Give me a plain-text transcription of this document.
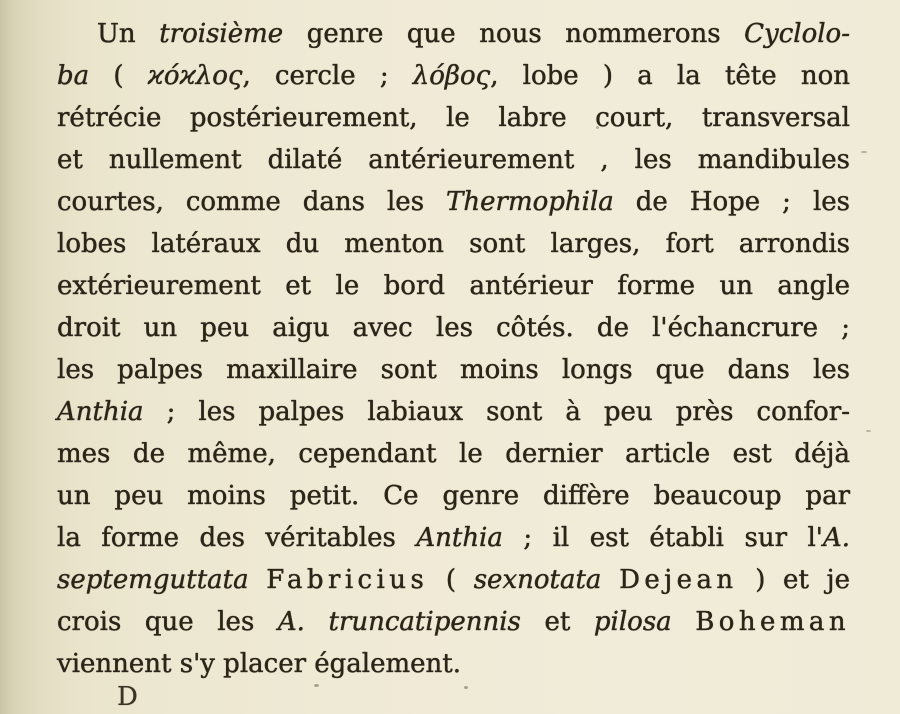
Un troisième genre que nous nommerons Cyclolo-
ba ( ϰόϰλος, cercle ; λόβος, lobe ) a la tête non
rétrécie postérieurement, le labre court, transversal
et nullement dilaté antérieurement , les mandibules
courtes, comme dans les Thermophila de Hope ; les
lobes latéraux du menton sont larges, fort arrondis
extérieurement et le bord antérieur forme un angle
droit un peu aigu avec les côtés. de l'échancrure ;
les palpes maxillaire sont moins longs que dans les
Anthia ; les palpes labiaux sont à peu près confor-
mes de même, cependant le dernier article est déjà
un peu moins petit. Ce genre diffère beaucoup par
la forme des véritables Anthia ; il est établi sur l'A.
septemguttata Fabricius ( sexnotata Dejean ) et je
crois que les A. truncatipennis et pilosa Boheman
viennent s'y placer également.
D
